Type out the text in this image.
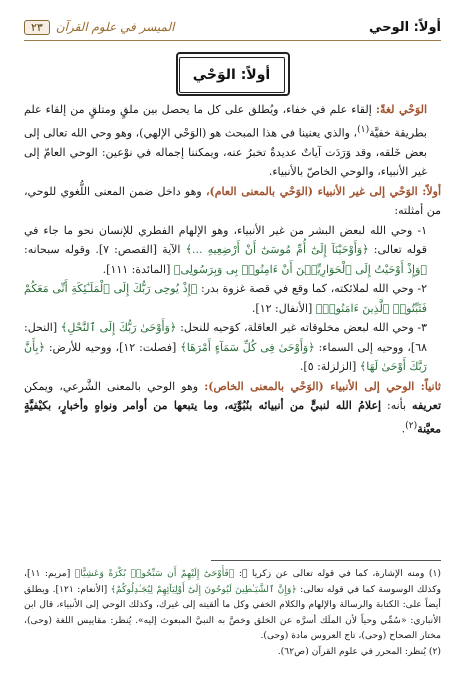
أولاً: الوحي
الميسر في علوم القرآن
٢٣
أولاً: الوَحْي

الوَحْي لغةً: إلقاء علم في خفاء، ويُطلق على كل ما يحصل بين ملقٍ ومتلقٍ من إلقاء علم بطريقة خفيَّة$^{(١)}$، والذي يعنينا في هذا المبحث هو (الوَحْي الإلهي)، وهو وحي الله تعالى إلى بعض خَلقه، وقد وَرَدَت آياتٌ عديدةٌ تخبرُ عنه، ويمكننا إجماله في نوْعين: الوحي العامّ إلى غير الأنبياء، والوحي الخاصّ بالأنبياء.

أولاً: الوَحْي إلى غير الأنبياء (الوَحْي بالمعنى العام)، وهو داخل ضمن المعنى اللُّغوي للوحي، من أمثلته:

١- وحي الله لبعض البشر من غير الأنبياء، وهو الإلهام الفطري للإنسان نحو ما جاء في قوله تعالى: ﴿وَأَوْحَيْنَآ إِلَىٰٓ أُمِّ مُوسَىٰٓ أَنْ أَرْضِعِيهِ ...﴾ الآية [القصص: ٧]. وقوله سبحانه: ﴿وَإِذْ أَوْحَيْتُ إِلَى ٱلْحَوَارِيِّـۧنَ أَنْ ءَامِنُوا۟ بِى وَبِرَسُولِى﴾ [المائدة: ١١١].

٢- وحي الله لملائكته، كما وقع في قصة غزوة بدر: ﴿إِذْ يُوحِى رَبُّكَ إِلَى ٱلْمَلَـٰٓئِكَةِ أَنِّى مَعَكُمْ فَثَبِّتُوا۟ ٱلَّذِينَ ءَامَنُوا۟﴾ [الأنفال: ١٢].

٣- وحي الله لبعض مخلوقاته غير العاقلة، كوَحيه للنحل: ﴿وَأَوْحَىٰ رَبُّكَ إِلَى ٱلنَّحْلِ﴾ [النحل: ٦٨]، ووحيه إلى السماء: ﴿وَأَوْحَىٰ فِى كُلِّ سَمَآءٍ أَمْرَهَا﴾ [فصلت: ١٢]، ووحيه للأرض: ﴿بِأَنَّ رَبَّكَ أَوْحَىٰ لَهَا﴾ [الزلزلة: ٥].

ثانياً: الوحي إلى الأنبياء (الوَحْي بالمعنى الخاص): وهو الوحي بالمعنى الشَّرعي، ويمكن تعريفه بأنه: إعلامُ الله لنبيٍّ من أنبيائه بنُبُوَّتِه، وما يتبعها من أوامر ونواهٍ وأخبارٍ، بكيْفيَّةٍ معيَّنة$^{(٢)}$.

(١) ومنه الإشارة، كما في قوله تعالى عن زكريا ﷺ: ﴿فَأَوْحَىٰٓ إِلَيْهِمْ أَن سَبِّحُوا۟ بُكْرَةً وَعَشِيًّا﴾ [مريم: ١١]، وكذلك الوسوسة كما في قوله تعالى: ﴿وَإِنَّ ٱلشَّيَـٰطِينَ لَيُوحُونَ إِلَىٰٓ أَوْلِيَآئِهِمْ لِيُجَـٰدِلُوكُمْ﴾ [الأنعام: ١٢١]. ويطلق أيضاً على: الكتابة والرسالة والإلهام والكلام الخفي وكل ما ألقيته إلى غيرك، وكذلك الوحي إلى الأنبياء، قال ابن الأنباري: «سُمِّي وحياً لأن الملَك أسرَّه عن الخلق وخصَّ به النبيَّ المبعوث إليه». يُنظر: مقاييس اللغة (وحى)، مختار الصحاح (وحى)، تاج العروس مادة (وحى).

(٢) يُنظر: المحرر في علوم القرآن (ص٦٢).
